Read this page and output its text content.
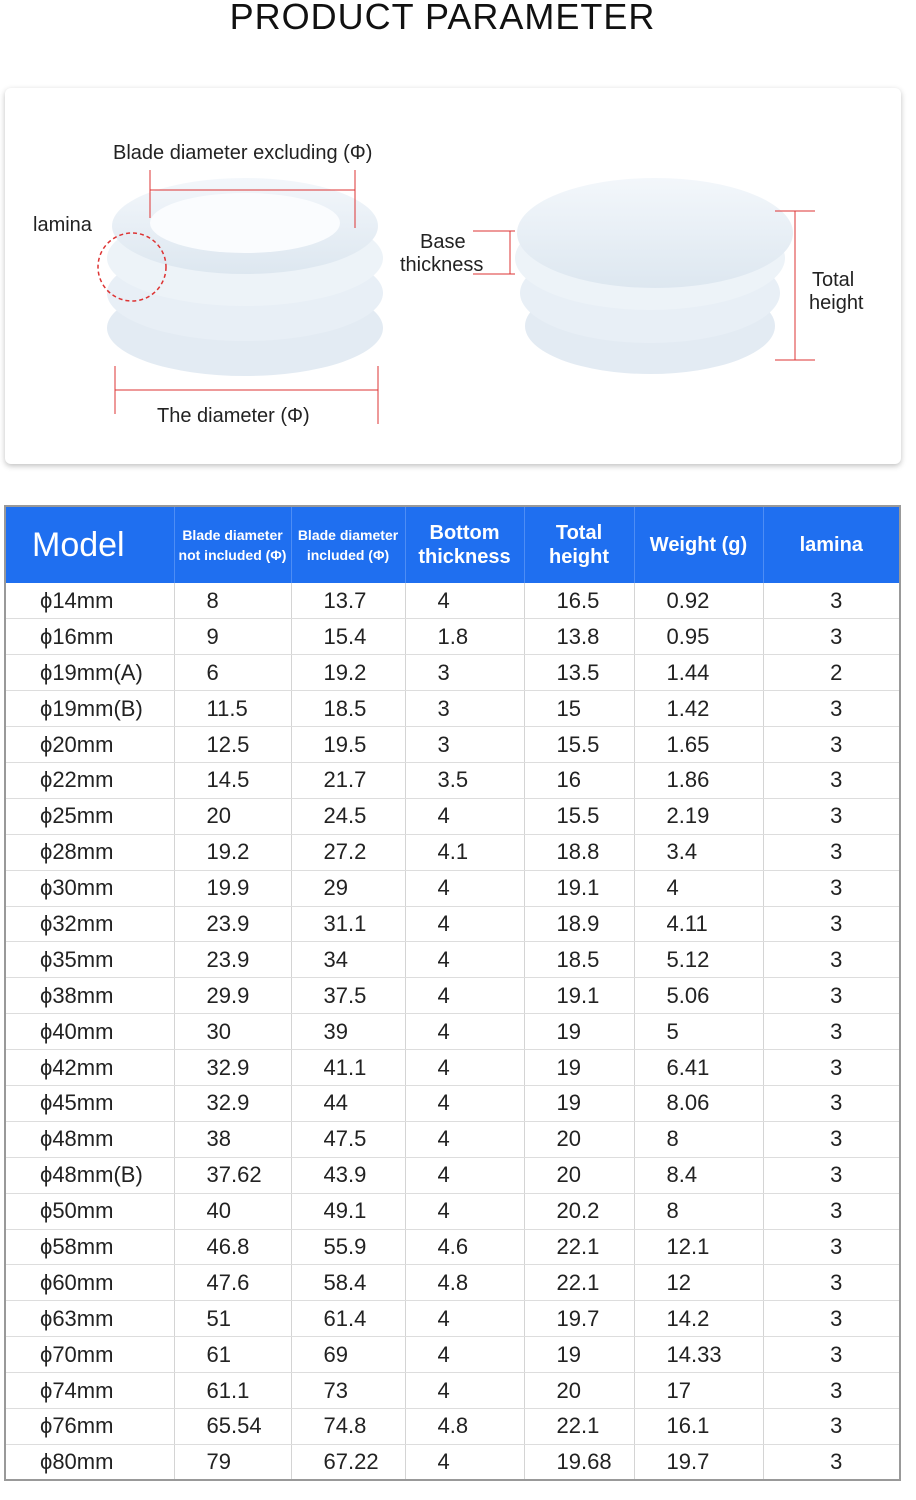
PRODUCT PARAMETER
Blade diameter excluding (Φ)
lamina
The diameter (Φ)
Base
thickness
Total
height
Model	Blade diameter not included (Φ)	Blade diameter included (Φ)	Bottom thickness	Total height	Weight (g)	lamina
ϕ14mm	8	13.7	4	16.5	0.92	3
ϕ16mm	9	15.4	1.8	13.8	0.95	3
ϕ19mm(A)	6	19.2	3	13.5	1.44	2
ϕ19mm(B)	11.5	18.5	3	15	1.42	3
ϕ20mm	12.5	19.5	3	15.5	1.65	3
ϕ22mm	14.5	21.7	3.5	16	1.86	3
ϕ25mm	20	24.5	4	15.5	2.19	3
ϕ28mm	19.2	27.2	4.1	18.8	3.4	3
ϕ30mm	19.9	29	4	19.1	4	3
ϕ32mm	23.9	31.1	4	18.9	4.11	3
ϕ35mm	23.9	34	4	18.5	5.12	3
ϕ38mm	29.9	37.5	4	19.1	5.06	3
ϕ40mm	30	39	4	19	5	3
ϕ42mm	32.9	41.1	4	19	6.41	3
ϕ45mm	32.9	44	4	19	8.06	3
ϕ48mm	38	47.5	4	20	8	3
ϕ48mm(B)	37.62	43.9	4	20	8.4	3
ϕ50mm	40	49.1	4	20.2	8	3
ϕ58mm	46.8	55.9	4.6	22.1	12.1	3
ϕ60mm	47.6	58.4	4.8	22.1	12	3
ϕ63mm	51	61.4	4	19.7	14.2	3
ϕ70mm	61	69	4	19	14.33	3
ϕ74mm	61.1	73	4	20	17	3
ϕ76mm	65.54	74.8	4.8	22.1	16.1	3
ϕ80mm	79	67.22	4	19.68	19.7	3
